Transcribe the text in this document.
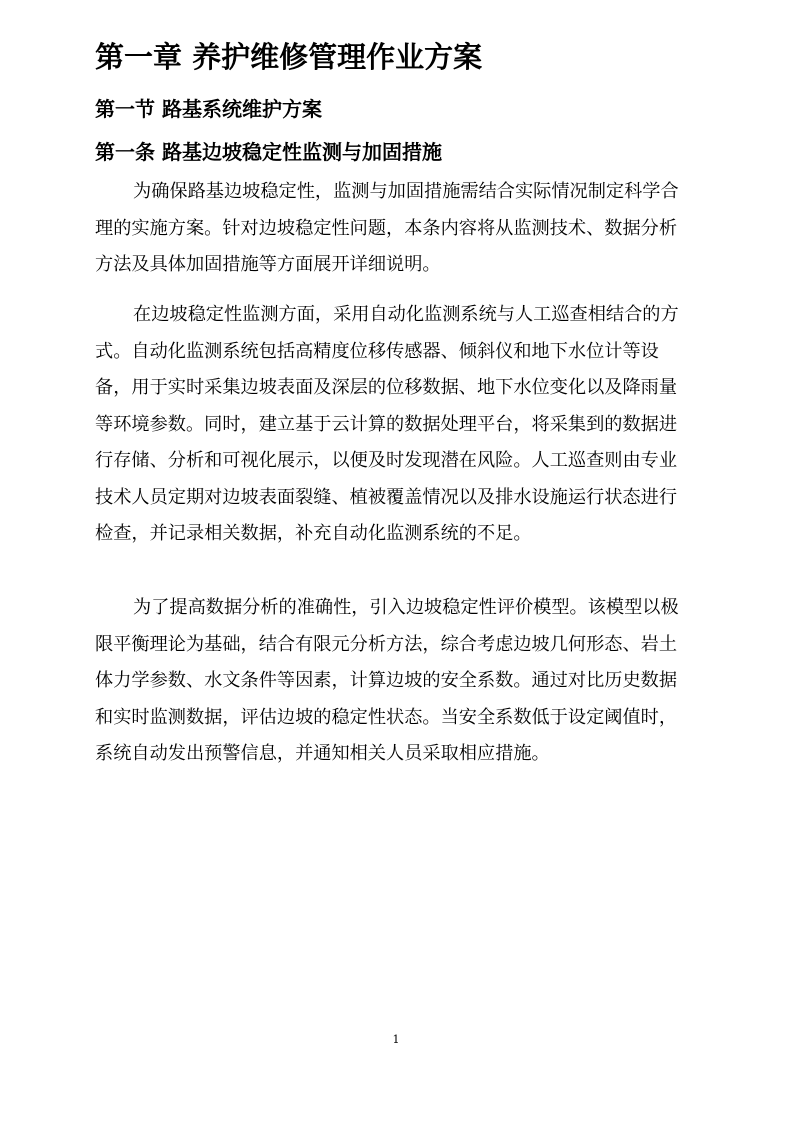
第一章 养护维修管理作业方案
第一节 路基系统维护方案
第一条 路基边坡稳定性监测与加固措施
为确保路基边坡稳定性，监测与加固措施需结合实际情况制定科学合
理的实施方案。针对边坡稳定性问题，本条内容将从监测技术、数据分析
方法及具体加固措施等方面展开详细说明。
在边坡稳定性监测方面，采用自动化监测系统与人工巡查相结合的方
式。自动化监测系统包括高精度位移传感器、倾斜仪和地下水位计等设
备，用于实时采集边坡表面及深层的位移数据、地下水位变化以及降雨量
等环境参数。同时，建立基于云计算的数据处理平台，将采集到的数据进
行存储、分析和可视化展示，以便及时发现潜在风险。人工巡查则由专业
技术人员定期对边坡表面裂缝、植被覆盖情况以及排水设施运行状态进行
检查，并记录相关数据，补充自动化监测系统的不足。
为了提高数据分析的准确性，引入边坡稳定性评价模型。该模型以极
限平衡理论为基础，结合有限元分析方法，综合考虑边坡几何形态、岩土
体力学参数、水文条件等因素，计算边坡的安全系数。通过对比历史数据
和实时监测数据，评估边坡的稳定性状态。当安全系数低于设定阈值时，
系统自动发出预警信息，并通知相关人员采取相应措施。
1
